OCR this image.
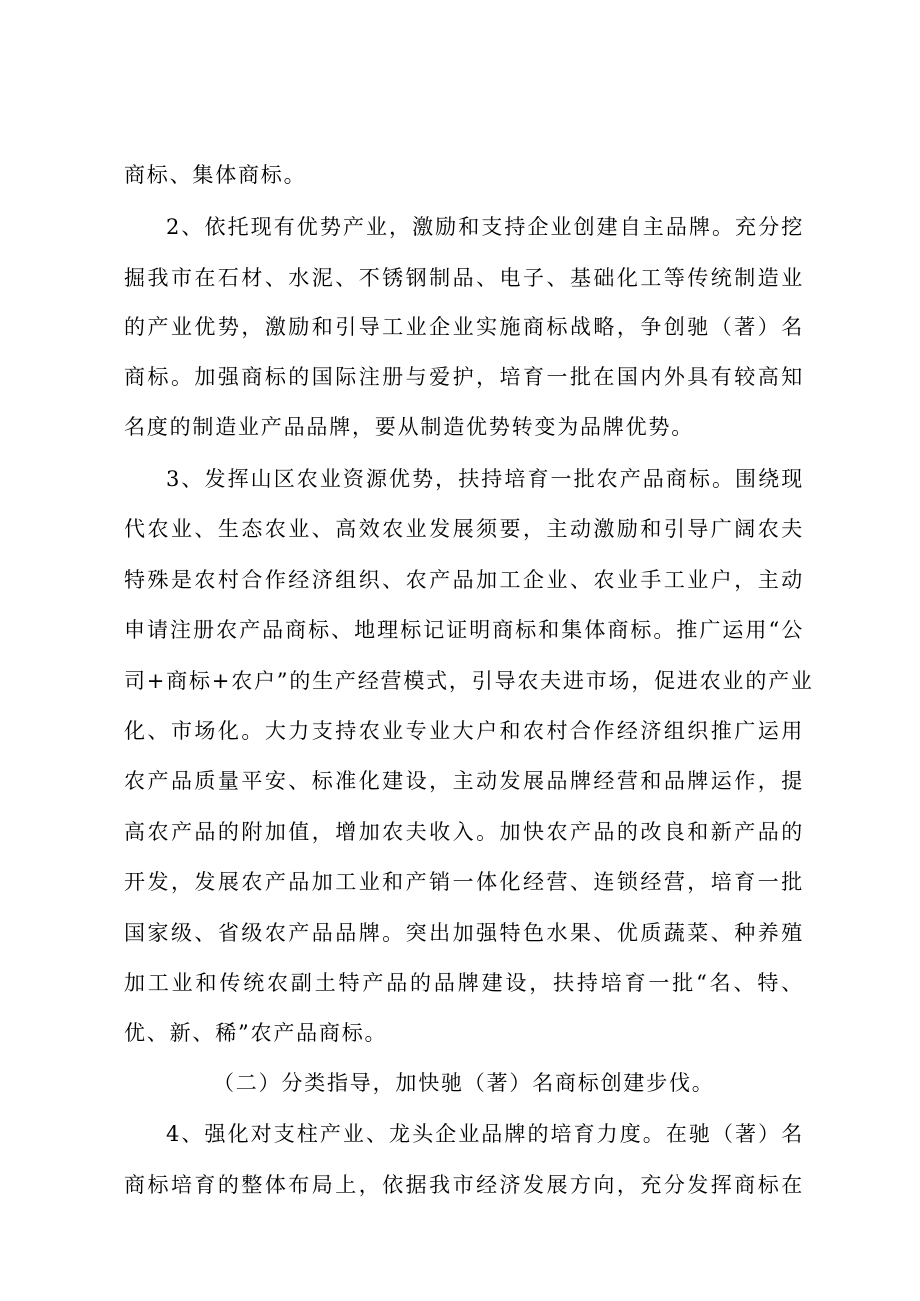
商标、集体商标。
2、依托现有优势产业，激励和支持企业创建自主品牌。充分挖
掘我市在石材、水泥、不锈钢制品、电子、基础化工等传统制造业
的产业优势，激励和引导工业企业实施商标战略，争创驰（著）名
商标。加强商标的国际注册与爱护，培育一批在国内外具有较高知
名度的制造业产品品牌，要从制造优势转变为品牌优势。
3、发挥山区农业资源优势，扶持培育一批农产品商标。围绕现
代农业、生态农业、高效农业发展须要，主动激励和引导广阔农夫
特殊是农村合作经济组织、农产品加工企业、农业手工业户，主动
申请注册农产品商标、地理标记证明商标和集体商标。推广运用“公
司+商标+农户”的生产经营模式，引导农夫进市场，促进农业的产业
化、市场化。大力支持农业专业大户和农村合作经济组织推广运用
农产品质量平安、标准化建设，主动发展品牌经营和品牌运作，提
高农产品的附加值，增加农夫收入。加快农产品的改良和新产品的
开发，发展农产品加工业和产销一体化经营、连锁经营，培育一批
国家级、省级农产品品牌。突出加强特色水果、优质蔬菜、种养殖
加工业和传统农副土特产品的品牌建设，扶持培育一批“名、特、
优、新、稀”农产品商标。
（二）分类指导，加快驰（著）名商标创建步伐。
4、强化对支柱产业、龙头企业品牌的培育力度。在驰（著）名
商标培育的整体布局上，依据我市经济发展方向，充分发挥商标在
